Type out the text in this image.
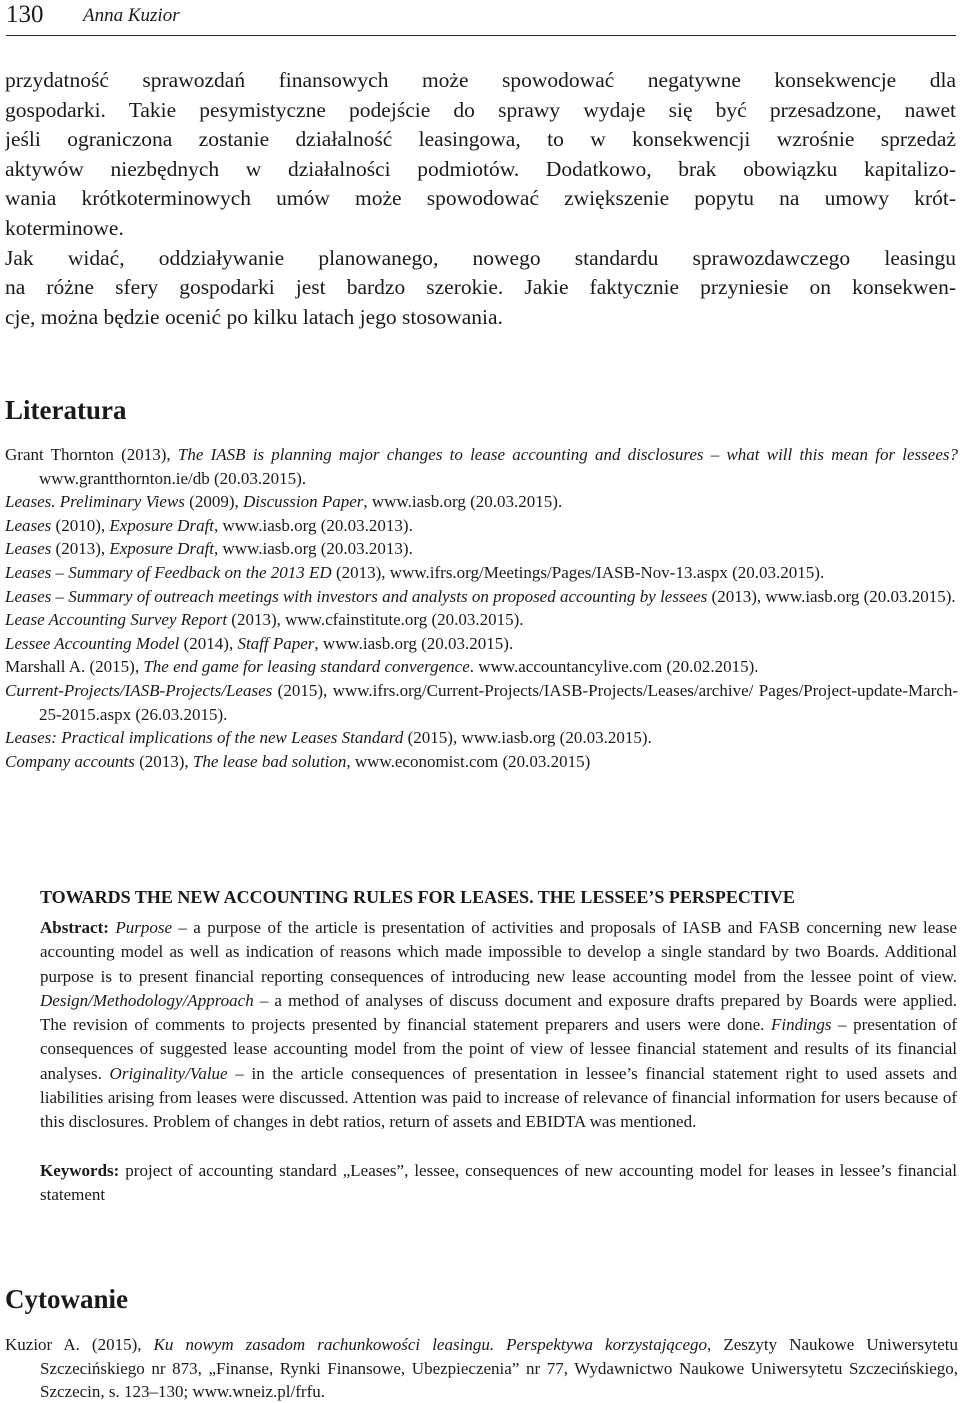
130 Anna Kuzior
przydatność sprawozdań finansowych może spowodować negatywne konsekwencje dla
gospodarki. Takie pesymistyczne podejście do sprawy wydaje się być przesadzone, nawet
jeśli ograniczona zostanie działalność leasingowa, to w konsekwencji wzrośnie sprzedaż
aktywów niezbędnych w działalności podmiotów. Dodatkowo, brak obowiązku kapitalizo-
wania krótkoterminowych umów może spowodować zwiększenie popytu na umowy krót-
koterminowe.
Jak widać, oddziaływanie planowanego, nowego standardu sprawozdawczego leasingu
na różne sfery gospodarki jest bardzo szerokie. Jakie faktycznie przyniesie on konsekwen-
cje, można będzie ocenić po kilku latach jego stosowania.
Literatura

Grant Thornton (2013), The IASB is planning major changes to lease accounting and disclosures – what will this mean for lessees? www.grantthornton.ie/db (20.03.2015).

Leases. Preliminary Views (2009), Discussion Paper, www.iasb.org (20.03.2015).

Leases (2010), Exposure Draft, www.iasb.org (20.03.2013).

Leases (2013), Exposure Draft, www.iasb.org (20.03.2013).

Leases – Summary of Feedback on the 2013 ED (2013), www.ifrs.org/Meetings/Pages/IASB-Nov-13.aspx (20.03.2015).

Leases – Summary of outreach meetings with investors and analysts on proposed accounting by lessees (2013), www.iasb.org (20.03.2015).

Lease Accounting Survey Report (2013), www.cfainstitute.org (20.03.2015).

Lessee Accounting Model (2014), Staff Paper, www.iasb.org (20.03.2015).

Marshall A. (2015), The end game for leasing standard convergence. www.accountancylive.com (20.02.2015).

Current-Projects/IASB-Projects/Leases (2015), www.ifrs.org/Current-Projects/IASB-Projects/Leases/archive/ Pages/Project-update-March-25-2015.aspx (26.03.2015).

Leases: Practical implications of the new Leases Standard (2015), www.iasb.org (20.03.2015).

Company accounts (2013), The lease bad solution, www.economist.com (20.03.2015)

TOWARDS THE NEW ACCOUNTING RULES FOR LEASES. THE LESSEE’S PERSPECTIVE

Abstract: Purpose – a purpose of the article is presentation of activities and proposals of IASB and FASB concerning new lease accounting model as well as indication of reasons which made impossible to develop a single standard by two Boards. Additional purpose is to present financial reporting consequences of introducing new lease accounting model from the lessee point of view. Design/Methodology/Approach – a method of analyses of discuss document and exposure drafts prepared by Boards were applied. The revision of comments to projects presented by financial statement preparers and users were done. Findings – presentation of consequences of suggested lease accounting model from the point of view of lessee financial statement and results of its financial analyses. Originality/Value – in the article consequences of presentation in lessee’s financial statement right to used assets and liabilities arising from leases were discussed. Attention was paid to increase of relevance of financial information for users because of this disclosures. Problem of changes in debt ratios, return of assets and EBIDTA was mentioned.

Keywords: project of accounting standard „Leases”, lessee, consequences of new accounting model for leases in lessee’s financial statement

Cytowanie

Kuzior A. (2015), Ku nowym zasadom rachunkowości leasingu. Perspektywa korzystającego, Zeszyty Naukowe Uniwersytetu Szczecińskiego nr 873, „Finanse, Rynki Finansowe, Ubezpieczenia” nr 77, Wydawnictwo Naukowe Uniwersytetu Szczecińskiego, Szczecin, s. 123–130; www.wneiz.pl/frfu.
